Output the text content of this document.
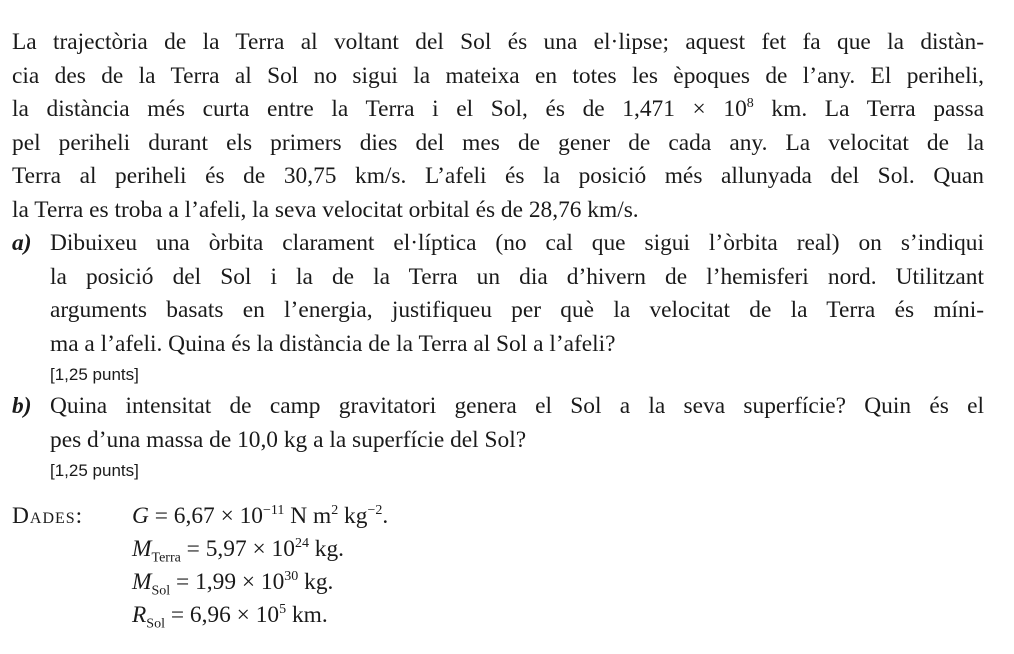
La trajectòria de la Terra al voltant del Sol és una el·lipse; aquest fet fa que la distàn-
cia des de la Terra al Sol no sigui la mateixa en totes les èpoques de l’any. El periheli,
la distància més curta entre la Terra i el Sol, és de $1,471 \times 10^8$ km. La Terra passa
pel periheli durant els primers dies del mes de gener de cada any. La velocitat de la
Terra al periheli és de 30,75 km/s. L’afeli és la posició més allunyada del Sol. Quan
la Terra es troba a l’afeli, la seva velocitat orbital és de 28,76 km/s.
a) Dibuixeu una òrbita clarament el·líptica (no cal que sigui l’òrbita real) on s’indiqui
la posició del Sol i la de la Terra un dia d’hivern de l’hemisferi nord. Utilitzant
arguments basats en l’energia, justifiqueu per què la velocitat de la Terra és míni-
ma a l’afeli. Quina és la distància de la Terra al Sol a l’afeli?
[1,25 punts]
b) Quina intensitat de camp gravitatori genera el Sol a la seva superfície? Quin és el
pes d’una massa de 10,0 kg a la superfície del Sol?
[1,25 punts]
Dades: $G = 6,67 \times 10^{-11}$ N $m^2$ $kg^{-2}$.
$M_{Terra} = 5,97 \times 10^{24}$ kg.
$M_{Sol} = 1,99 \times 10^{30}$ kg.
$R_{Sol} = 6,96 \times 10^5$ km.
